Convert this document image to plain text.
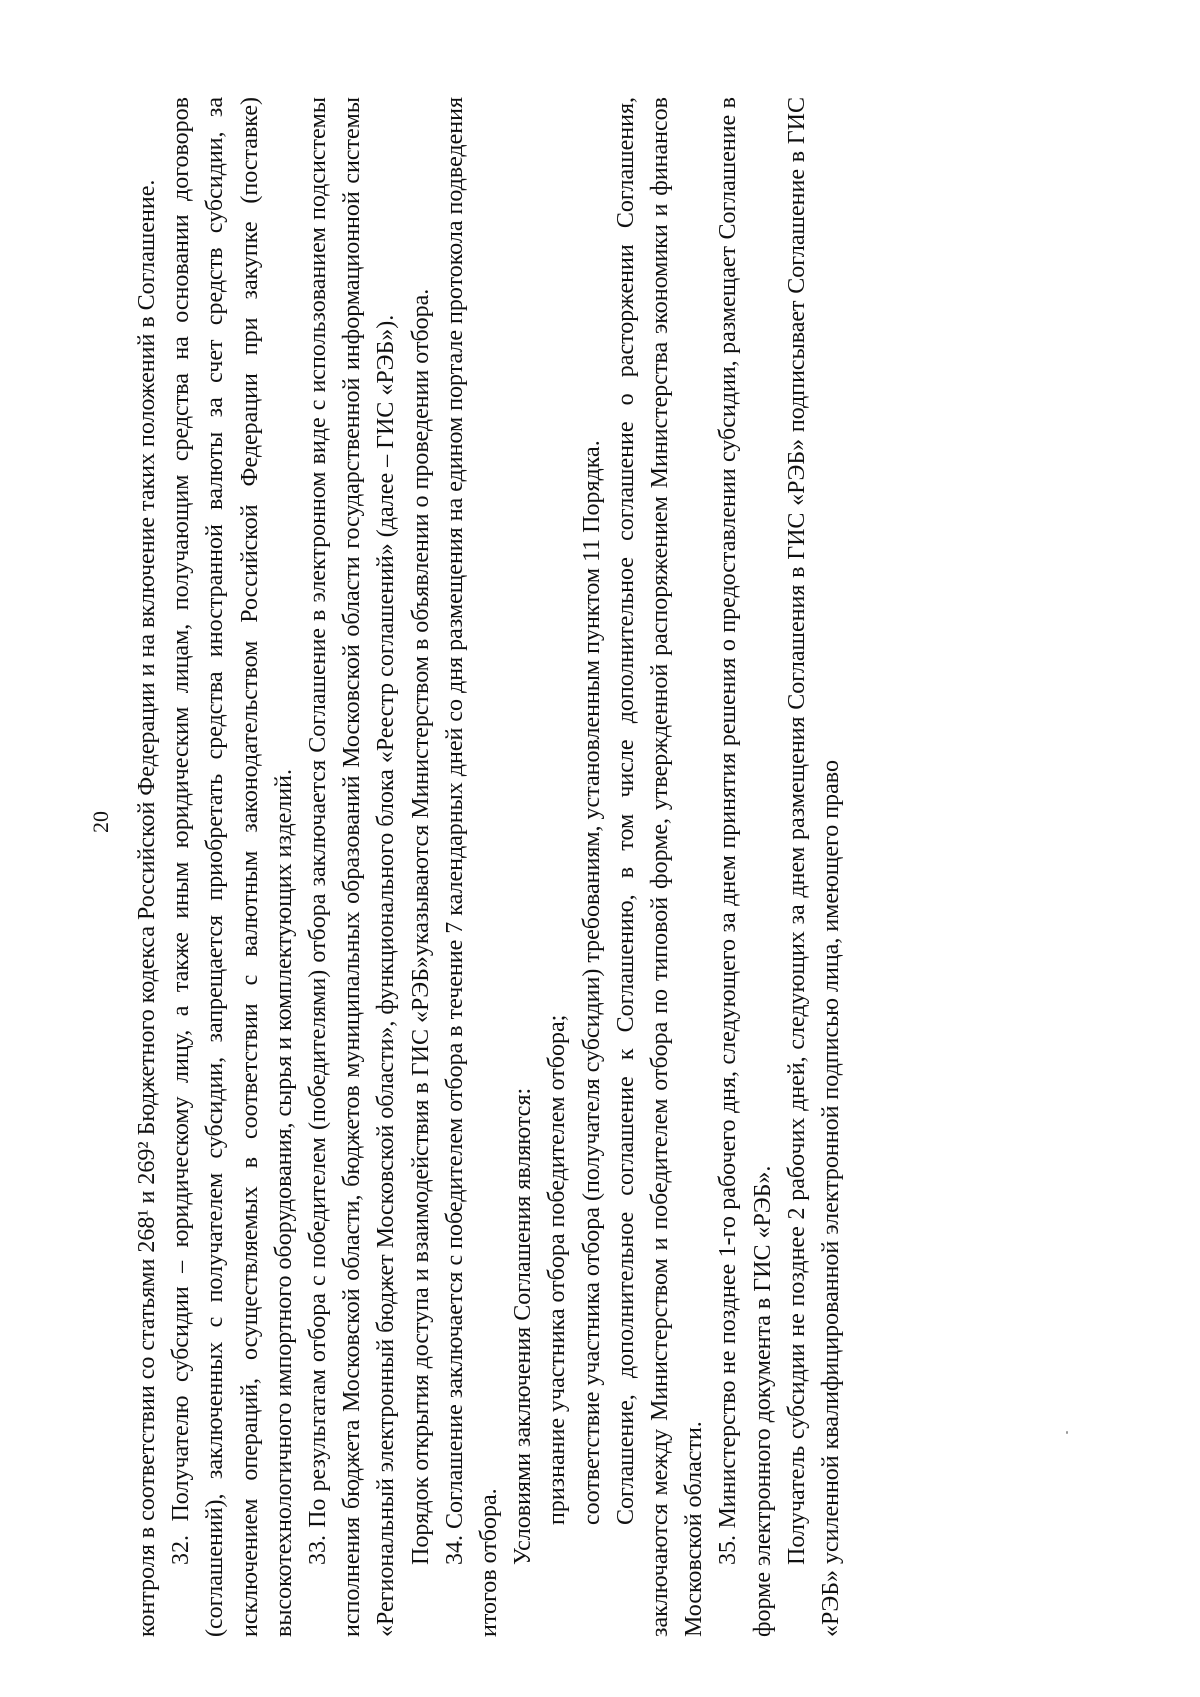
20 контроля в соответствии со статьями 268¹ и 269² Бюджетного кодекса Российской Федерации и на включение таких положений в Соглашение. 32. Получателю субсидии – юридическому лицу, а также иным юридическим лицам, получающим средства на основании договоров (соглашений), заключенных с получателем субсидии, запрещается приобретать средства иностранной валюты за счет средств субсидии, за исключением операций, осуществляемых в соответствии с валютным законодательством Российской Федерации при закупке (поставке) высокотехнологичного импортного оборудования, сырья и комплектующих изделий. 33. По результатам отбора с победителем (победителями) отбора заключается Соглашение в электронном виде с использованием подсистемы исполнения бюджета Московской области, бюджетов муниципальных образований Московской области государственной информационной системы «Региональный электронный бюджет Московской области», функционального блока «Реестр соглашений» (далее – ГИС «РЭБ»). Порядок открытия доступа и взаимодействия в ГИС «РЭБ»указываются Министерством в объявлении о проведении отбора. 34. Соглашение заключается с победителем отбора в течение 7 календарных дней со дня размещения на едином портале протокола подведения итогов отбора. Условиями заключения Соглашения являются: признание участника отбора победителем отбора; соответствие участника отбора (получателя субсидии) требованиям, установленным пунктом 11 Порядка. Соглашение, дополнительное соглашение к Соглашению, в том числе дополнительное соглашение о расторжении Соглашения, заключаются между Министерством и победителем отбора по типовой форме, утвержденной распоряжением Министерства экономики и финансов Московской области. 35. Министерство не позднее 1-го рабочего дня, следующего за днем принятия решения о предоставлении субсидии, размещает Соглашение в форме электронного документа в ГИС «РЭБ». Получатель субсидии не позднее 2 рабочих дней, следующих за днем размещения Соглашения в ГИС «РЭБ» подписывает Соглашение в ГИС «РЭБ» усиленной квалифицированной электронной подписью лица, имеющего право
